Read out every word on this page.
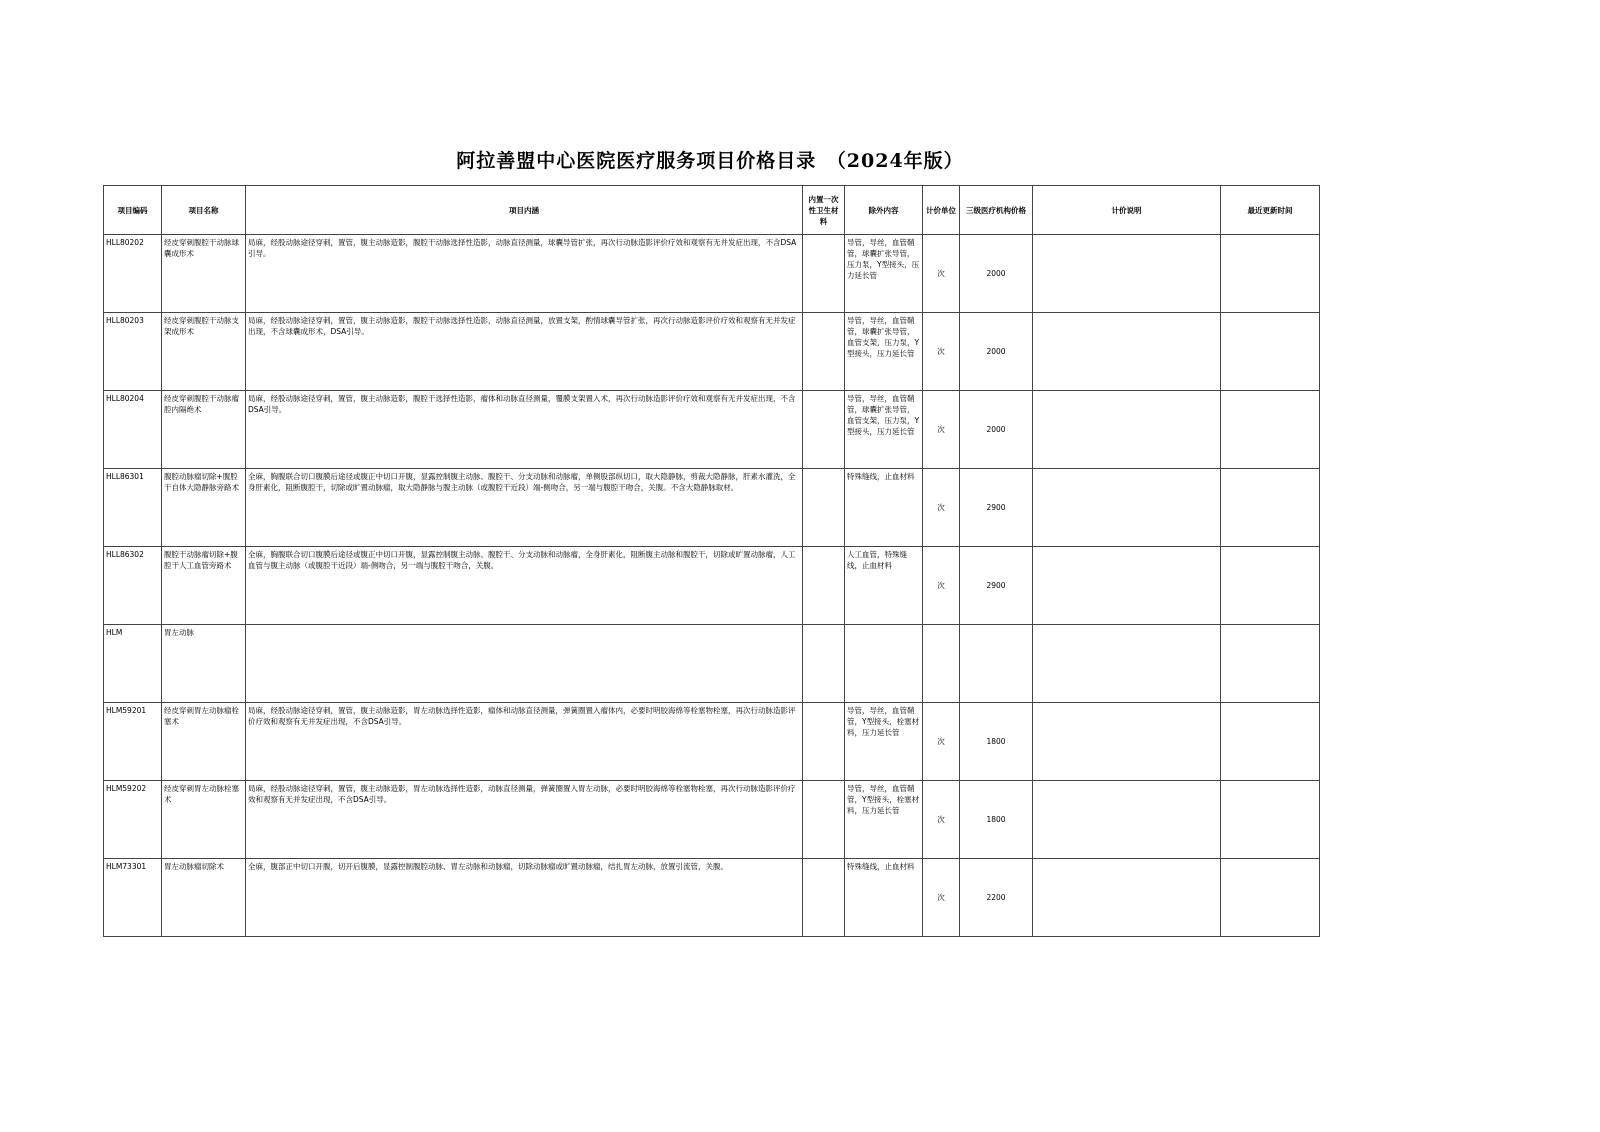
阿拉善盟中心医院医疗服务项目价格目录　（2024年版）
项目编码	项目名称	项目内涵	内置一次性卫生材料	除外内容	计价单位	三级医疗机构价格	计价说明	最近更新时间
HLL80202	经皮穿刺腹腔干动脉球囊成形术	局麻，经股动脉途径穿刺，置管，腹主动脉造影，腹腔干动脉选择性造影，动脉直径测量，球囊导管扩张，再次行动脉造影评价疗效和观察有无并发症出现，不含DSA引导。		导管，导丝，血管鞘管，球囊扩张导管，压力泵，Y型接头，压力延长管	次	2000		
HLL80203	经皮穿刺腹腔干动脉支架成形术	局麻，经股动脉途径穿刺，置管，腹主动脉造影，腹腔干动脉选择性造影，动脉直径测量，放置支架，酌情球囊导管扩张，再次行动脉造影评价疗效和观察有无并发症出现，不含球囊成形术，DSA引导。		导管，导丝，血管鞘管，球囊扩张导管，血管支架，压力泵，Y型接头，压力延长管	次	2000		
HLL80204	经皮穿刺腹腔干动脉瘤腔内隔绝术	局麻，经股动脉途径穿刺，置管，腹主动脉造影，腹腔干选择性造影，瘤体和动脉直径测量，覆膜支架置入术，再次行动脉造影评价疗效和观察有无并发症出现，不含DSA引导。		导管，导丝，血管鞘管，球囊扩张导管，血管支架，压力泵，Y型接头，压力延长管	次	2000		
HLL86301	腹腔动脉瘤切除+腹腔干自体大隐静脉旁路术	全麻，胸腹联合切口腹膜后途径或腹正中切口开腹，显露控制腹主动脉、腹腔干、分支动脉和动脉瘤，单侧股部纵切口，取大隐静脉，剪裁大隐静脉，肝素水灌洗，全身肝素化，阻断腹腔干，切除或旷置动脉瘤，取大隐静脉与腹主动脉（或腹腔干近段）端-侧吻合，另一端与腹腔干吻合，关腹。不含大隐静脉取材。		特殊缝线，止血材料	次	2900		
HLL86302	腹腔干动脉瘤切除+腹腔干人工血管旁路术	全麻，胸腹联合切口腹膜后途径或腹正中切口开腹，显露控制腹主动脉、腹腔干、分支动脉和动脉瘤，全身肝素化，阻断腹主动脉和腹腔干，切除或旷置动脉瘤，人工血管与腹主动脉（或腹腔干近段）端-侧吻合，另一端与腹腔干吻合，关腹。		人工血管，特殊缝线，止血材料	次	2900		
HLM	胃左动脉							
HLM59201	经皮穿刺胃左动脉瘤栓塞术	局麻，经股动脉途径穿刺，置管，腹主动脉造影，胃左动脉选择性造影，瘤体和动脉直径测量，弹簧圈置入瘤体内，必要时明胶海绵等栓塞物栓塞，再次行动脉造影评价疗效和观察有无并发症出现，不含DSA引导。		导管，导丝，血管鞘管，Y型接头，栓塞材料，压力延长管	次	1800		
HLM59202	经皮穿刺胃左动脉栓塞术	局麻，经股动脉途径穿刺，置管，腹主动脉造影，胃左动脉选择性造影，动脉直径测量，弹簧圈置入胃左动脉，必要时明胶海绵等栓塞物栓塞，再次行动脉造影评价疗效和观察有无并发症出现，不含DSA引导。		导管，导丝，血管鞘管，Y型接头，栓塞材料，压力延长管	次	1800		
HLM73301	胃左动脉瘤切除术	全麻，腹部正中切口开腹，切开后腹膜，显露控制腹腔动脉、胃左动脉和动脉瘤，切除动脉瘤或旷置动脉瘤，结扎胃左动脉，放置引流管，关腹。		特殊缝线，止血材料	次	2200		
